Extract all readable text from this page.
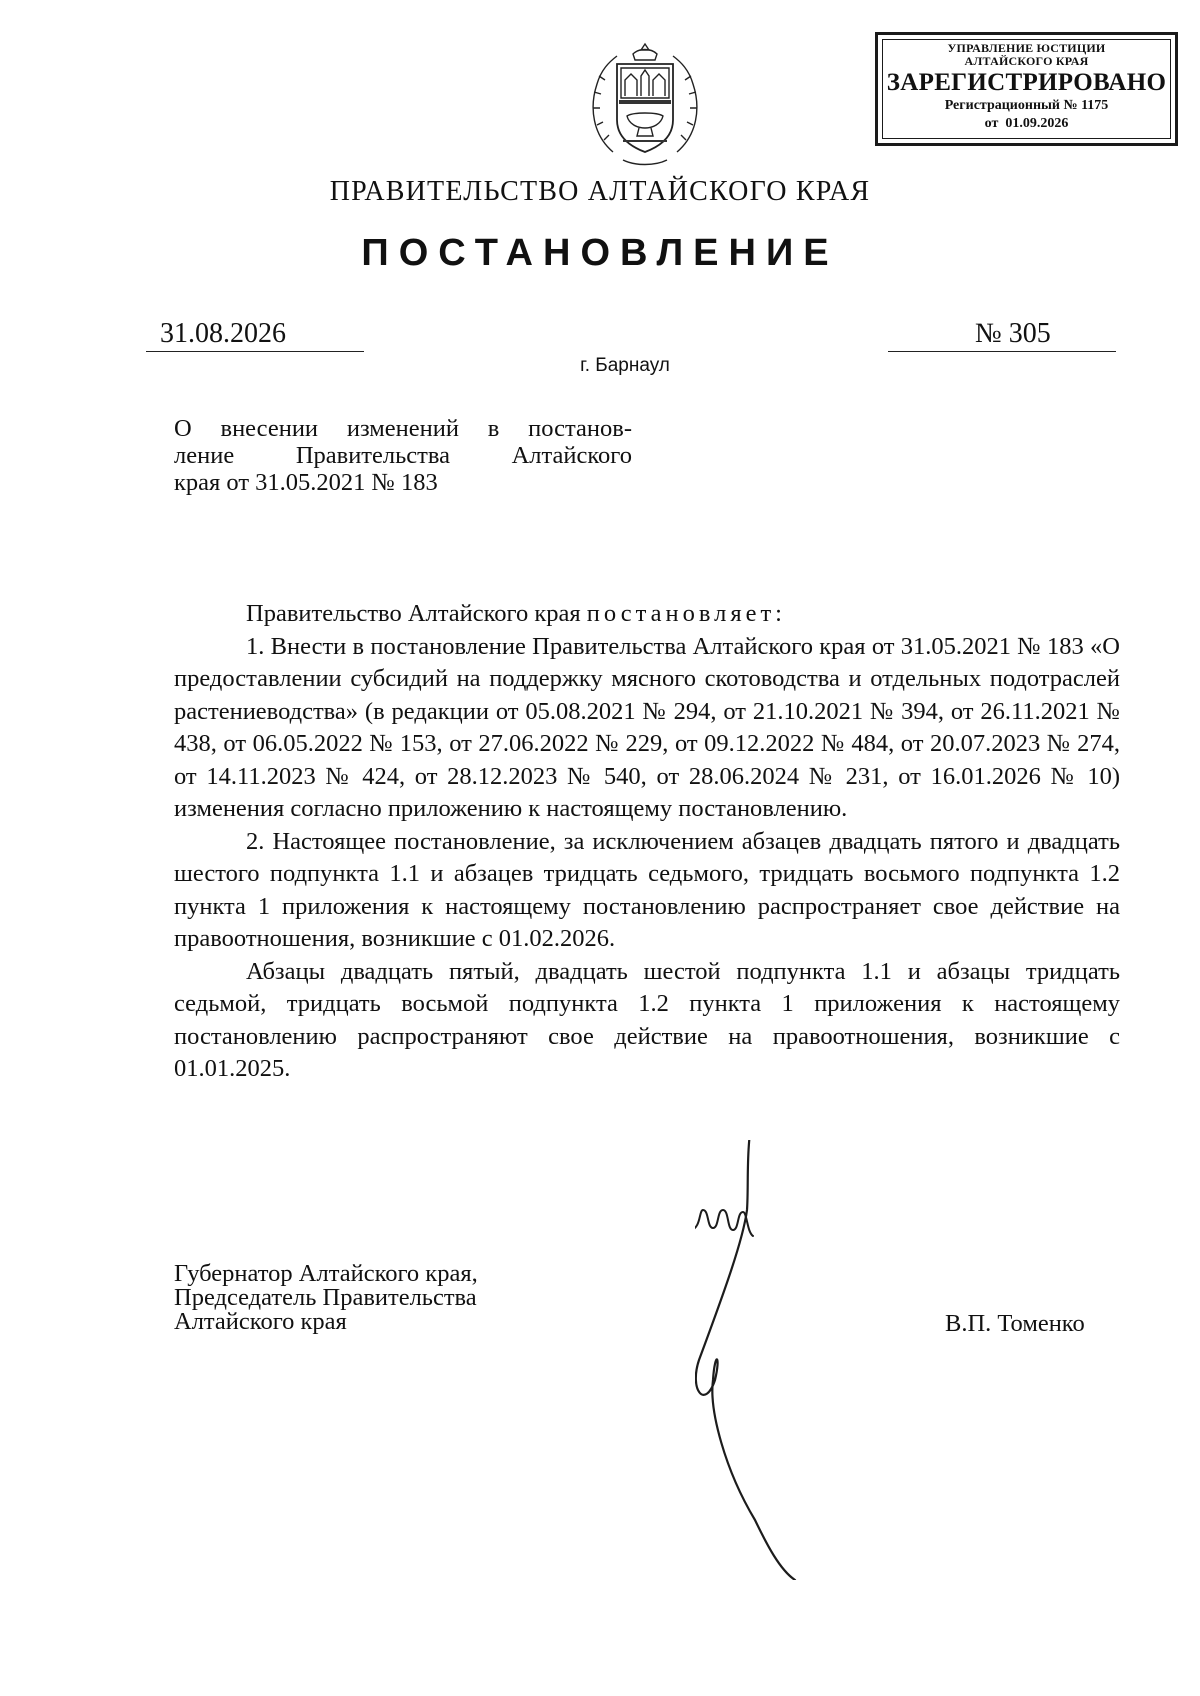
УПРАВЛЕНИЕ ЮСТИЦИИ
АЛТАЙСКОГО КРАЯ
ЗАРЕГИСТРИРОВАНО
Регистрационный № 1175
от  01.09.2026
ПРАВИТЕЛЬСТВО АЛТАЙСКОГО КРАЯ
ПОСТАНОВЛЕНИЕ
31.08.2026	№ 305
г. Барнаул
О внесении изменений в постанов-
ление Правительства Алтайского
края от 31.05.2021 № 183

Правительство Алтайского края постановляет:

1. Внести в постановление Правительства Алтайского края от 31.05.2021 № 183 «О предоставлении субсидий на поддержку мясного скотоводства и отдельных подотраслей растениеводства» (в редакции от 05.08.2021 № 294, от 21.10.2021 № 394, от 26.11.2021 № 438, от 06.05.2022 № 153, от 27.06.2022 № 229, от 09.12.2022 № 484, от 20.07.2023 № 274, от 14.11.2023 № 424, от 28.12.2023 № 540, от 28.06.2024 № 231, от 16.01.2026 № 10) изменения согласно приложению к настоящему постановлению.

2. Настоящее постановление, за исключением абзацев двадцать пятого и двадцать шестого подпункта 1.1 и абзацев тридцать седьмого, тридцать восьмого подпункта 1.2 пункта 1 приложения к настоящему постановлению распространяет свое действие на правоотношения, возникшие с 01.02.2026.

Абзацы двадцать пятый, двадцать шестой подпункта 1.1 и абзацы тридцать седьмой, тридцать восьмой подпункта 1.2 пункта 1 приложения к настоящему постановлению распространяют свое действие на правоотношения, возникшие с 01.01.2025.

Губернатор Алтайского края,
Председатель Правительства
Алтайского края	В.П. Томенко
